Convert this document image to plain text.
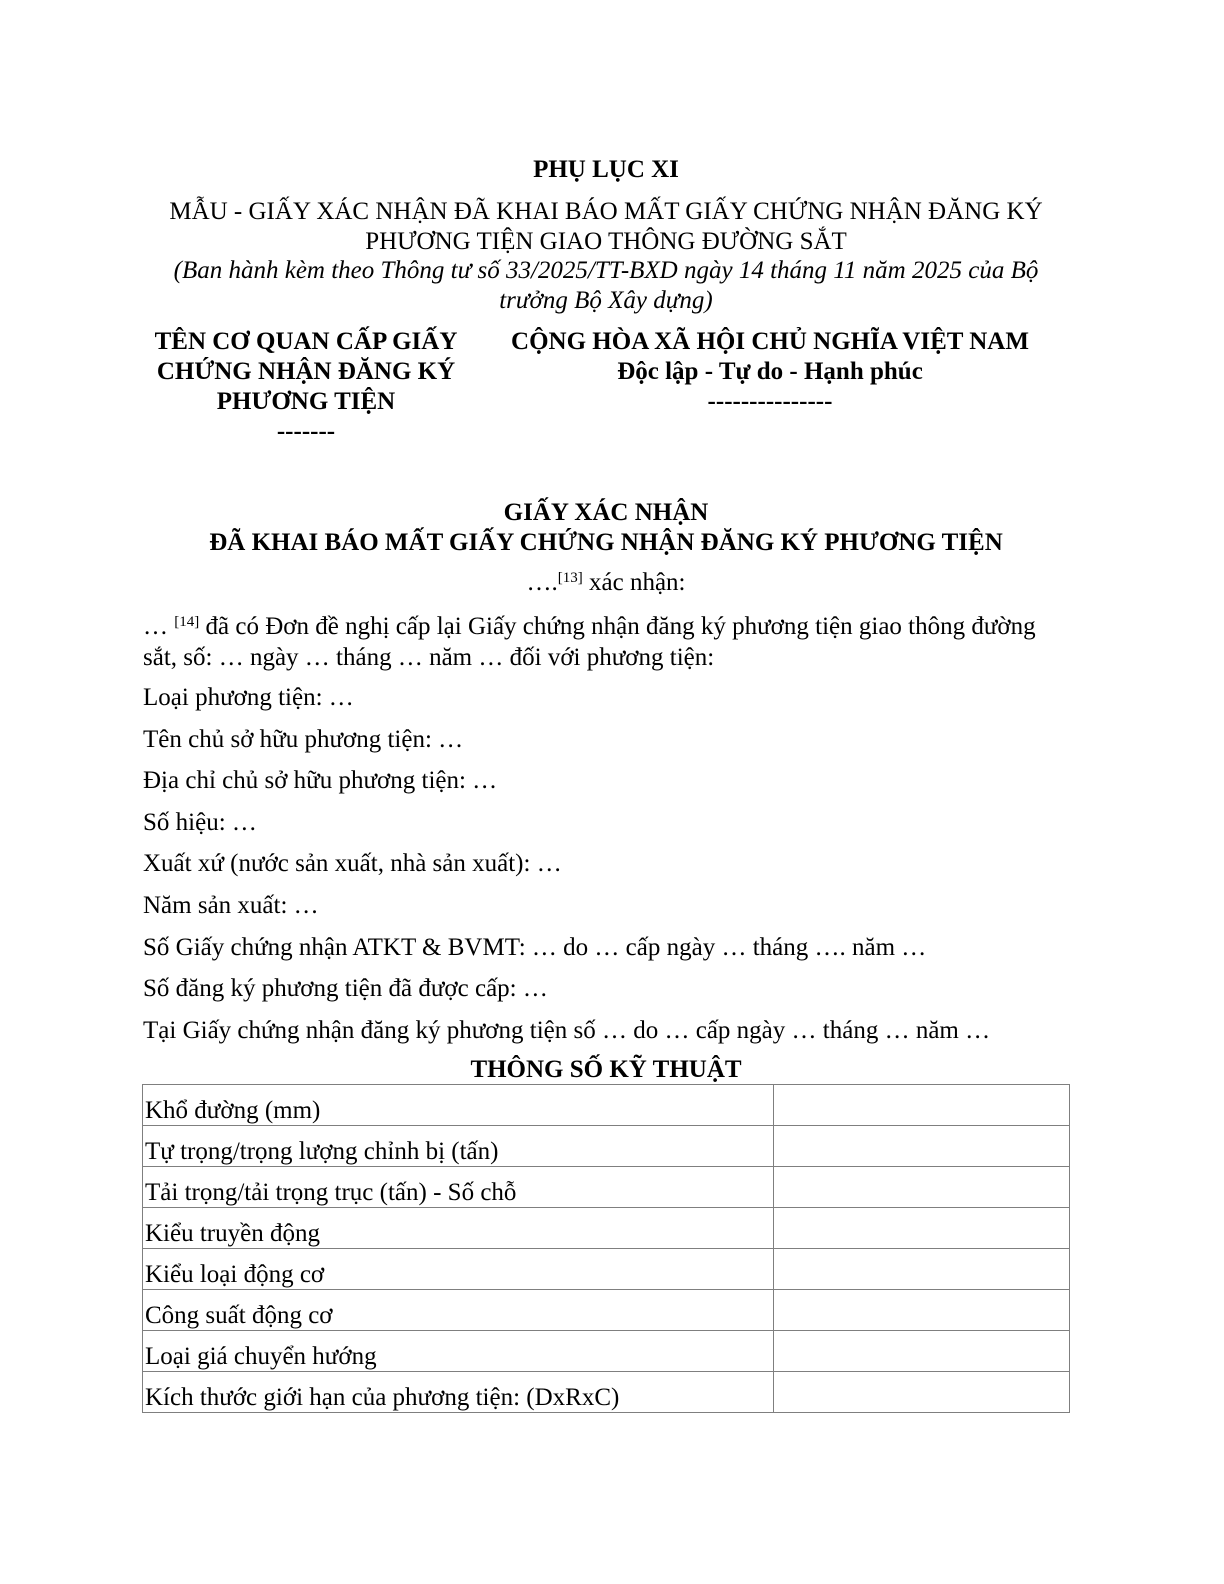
PHỤ LỤC XI
MẪU - GIẤY XÁC NHẬN ĐÃ KHAI BÁO MẤT GIẤY CHỨNG NHẬN ĐĂNG KÝ
PHƯƠNG TIỆN GIAO THÔNG ĐƯỜNG SẮT
(Ban hành kèm theo Thông tư số 33/2025/TT-BXD ngày 14 tháng 11 năm 2025 của Bộ
trưởng Bộ Xây dựng)
TÊN CƠ QUAN CẤP GIẤY
CHỨNG NHẬN ĐĂNG KÝ
PHƯƠNG TIỆN
-------
CỘNG HÒA XÃ HỘI CHỦ NGHĨA VIỆT NAM
Độc lập - Tự do - Hạnh phúc
---------------
GIẤY XÁC NHẬN
ĐÃ KHAI BÁO MẤT GIẤY CHỨNG NHẬN ĐĂNG KÝ PHƯƠNG TIỆN
….[13] xác nhận:
… [14] đã có Đơn đề nghị cấp lại Giấy chứng nhận đăng ký phương tiện giao thông đường
sắt, số: … ngày … tháng … năm … đối với phương tiện:
Loại phương tiện: …
Tên chủ sở hữu phương tiện: …
Địa chỉ chủ sở hữu phương tiện: …
Số hiệu: …
Xuất xứ (nước sản xuất, nhà sản xuất): …
Năm sản xuất: …
Số Giấy chứng nhận ATKT & BVMT: … do … cấp ngày … tháng …. năm …
Số đăng ký phương tiện đã được cấp: …
Tại Giấy chứng nhận đăng ký phương tiện số … do … cấp ngày … tháng … năm …
THÔNG SỐ KỸ THUẬT
Khổ đường (mm)	
Tự trọng/trọng lượng chỉnh bị (tấn)	
Tải trọng/tải trọng trục (tấn) - Số chỗ	
Kiểu truyền động	
Kiểu loại động cơ	
Công suất động cơ	
Loại giá chuyển hướng	
Kích thước giới hạn của phương tiện: (DxRxC)	
